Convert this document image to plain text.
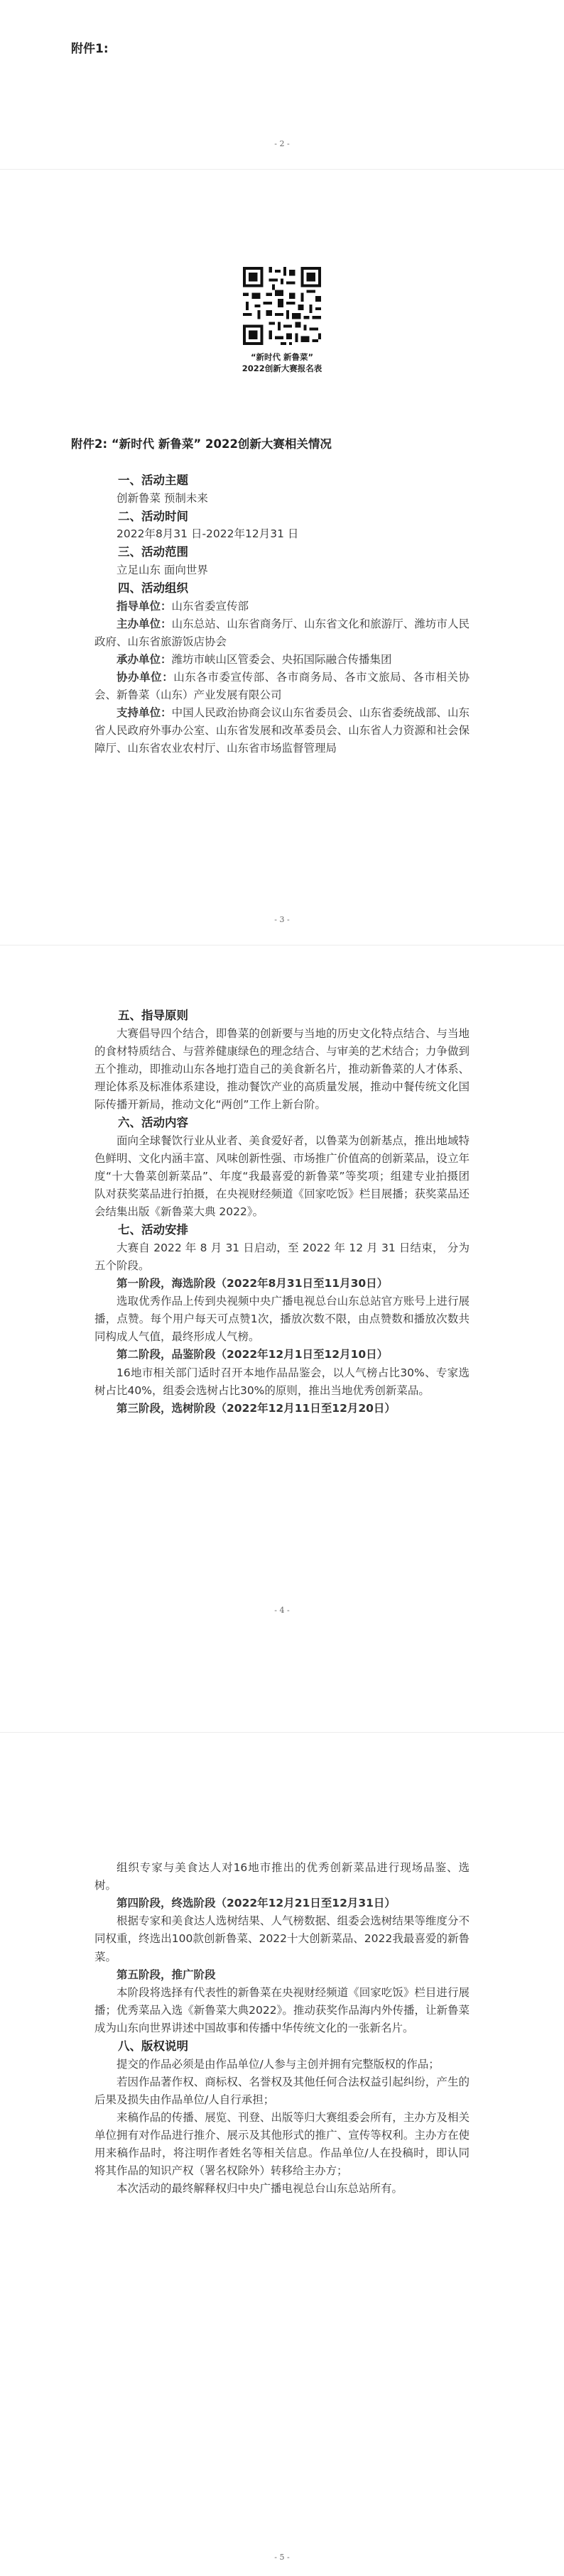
附件1:
- 2 -
“新时代 新鲁菜”
2022创新大赛报名表
附件2: “新时代 新鲁菜” 2022创新大赛相关情况

一、活动主题

创新鲁菜 预制未来

二、活动时间

2022年8月31 日-2022年12月31 日

三、活动范围

立足山东 面向世界

四、活动组织

指导单位：山东省委宣传部

主办单位：山东总站、山东省商务厅、山东省文化和旅游厅、潍坊市人民政府、山东省旅游饭店协会

承办单位：潍坊市峡山区管委会、央拓国际融合传播集团

协办单位：山东各市委宣传部、各市商务局、各市文旅局、各市相关协会、新鲁菜（山东）产业发展有限公司

支持单位：中国人民政治协商会议山东省委员会、山东省委统战部、山东省人民政府外事办公室、山东省发展和改革委员会、山东省人力资源和社会保障厅、山东省农业农村厅、山东省市场监督管理局

- 3 -

五、指导原则

大赛倡导四个结合，即鲁菜的创新要与当地的历史文化特点结合、与当地的食材特质结合、与营养健康绿色的理念结合、与审美的艺术结合；力争做到五个推动，即推动山东各地打造自己的美食新名片，推动新鲁菜的人才体系、理论体系及标准体系建设，推动餐饮产业的高质量发展，推动中餐传统文化国际传播开新局，推动文化“两创”工作上新台阶。

六、活动内容

面向全球餐饮行业从业者、美食爱好者，以鲁菜为创新基点，推出地域特色鲜明、文化内涵丰富、风味创新性强、市场推广价值高的创新菜品，设立年度“十大鲁菜创新菜品”、年度“我最喜爱的新鲁菜”等奖项；组建专业拍摄团队对获奖菜品进行拍摄，在央视财经频道《回家吃饭》栏目展播；获奖菜品还会结集出版《新鲁菜大典 2022》。

七、活动安排

大赛自 2022 年 8 月 31 日启动，至 2022 年 12 月 31 日结束， 分为五个阶段。

第一阶段，海选阶段（2022年8月31日至11月30日）

选取优秀作品上传到央视频中央广播电视总台山东总站官方账号上进行展播，点赞。每个用户每天可点赞1次，播放次数不限，由点赞数和播放次数共同构成人气值，最终形成人气榜。

第二阶段，品鉴阶段（2022年12月1日至12月10日）

16地市相关部门适时召开本地作品品鉴会，以人气榜占比30%、专家选树占比40%，组委会选树占比30%的原则，推出当地优秀创新菜品。

第三阶段，选树阶段（2022年12月11日至12月20日）

- 4 -

组织专家与美食达人对16地市推出的优秀创新菜品进行现场品鉴、选树。

第四阶段，终选阶段（2022年12月21日至12月31日）

根据专家和美食达人选树结果、人气榜数据、组委会选树结果等维度分不同权重，终选出100款创新鲁菜、2022十大创新菜品、2022我最喜爱的新鲁菜。

第五阶段，推广阶段

本阶段将选择有代表性的新鲁菜在央视财经频道《回家吃饭》栏目进行展播；优秀菜品入选《新鲁菜大典2022》。推动获奖作品海内外传播，让新鲁菜成为山东向世界讲述中国故事和传播中华传统文化的一张新名片。

八、版权说明

提交的作品必须是由作品单位/人参与主创并拥有完整版权的作品；

若因作品著作权、商标权、名誉权及其他任何合法权益引起纠纷，产生的后果及损失由作品单位/人自行承担；

来稿作品的传播、展览、刊登、出版等归大赛组委会所有，主办方及相关单位拥有对作品进行推介、展示及其他形式的推广、宣传等权利。主办方在使用来稿作品时，将注明作者姓名等相关信息。作品单位/人在投稿时，即认同将其作品的知识产权（署名权除外）转移给主办方；

本次活动的最终解释权归中央广播电视总台山东总站所有。

- 5 -
